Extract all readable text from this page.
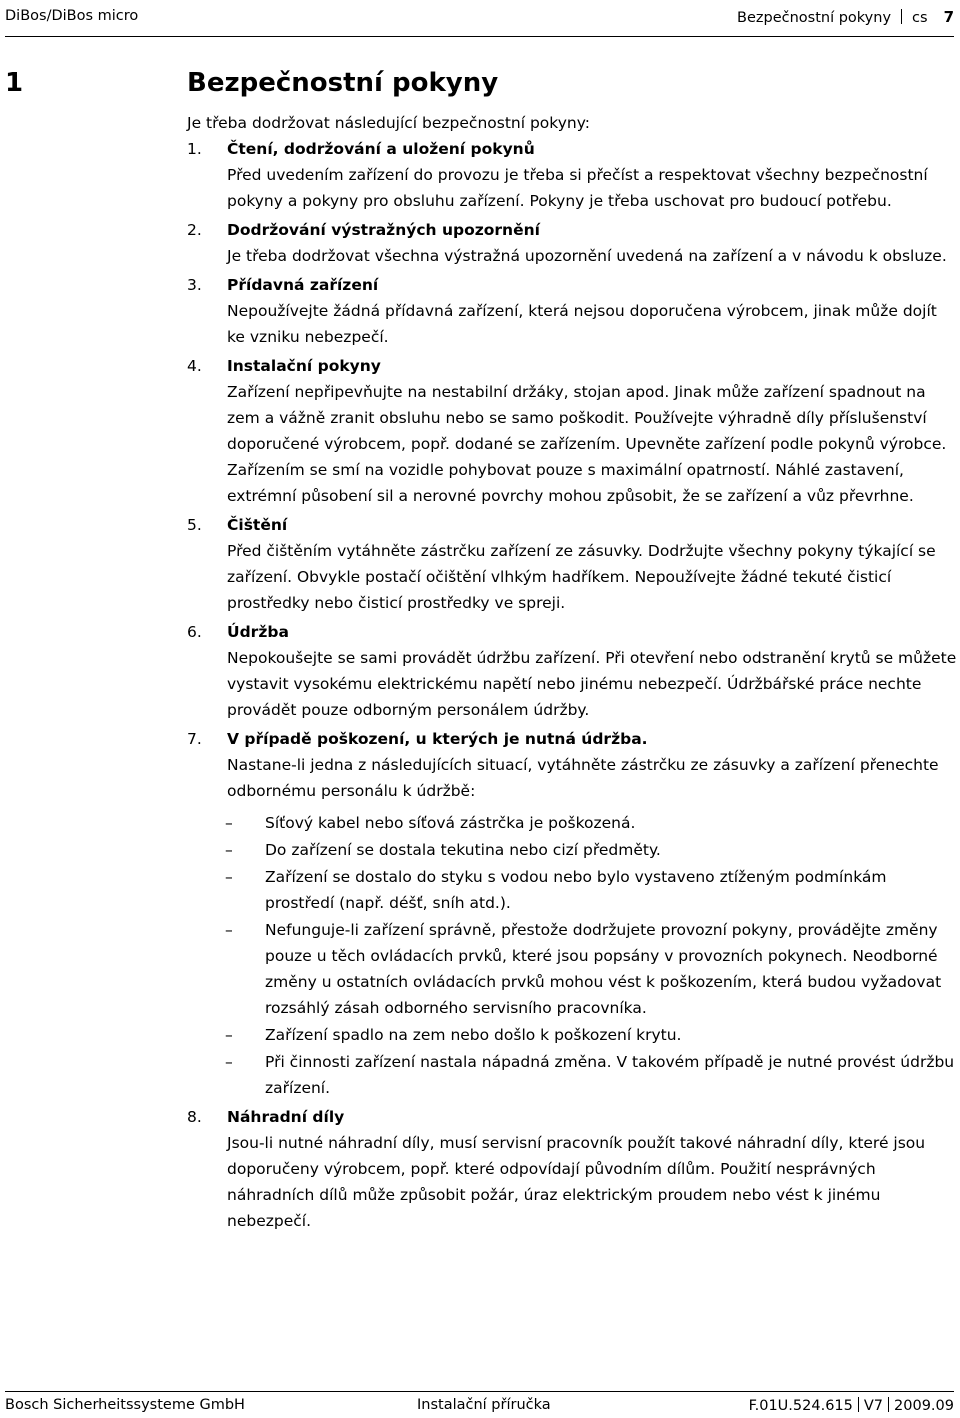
DiBos/DiBos micro	Bezpečnostní pokyny cs 7
1	Bezpečnostní pokyny
Je třeba dodržovat následující bezpečnostní pokyny:
1. Čtení, dodržování a uložení pokynů

Před uvedením zařízení do provozu je třeba si přečíst a respektovat všechny bezpečnostní pokyny a pokyny pro obsluhu zařízení. Pokyny je třeba uschovat pro budoucí potřebu.

2. Dodržování výstražných upozornění

Je třeba dodržovat všechna výstražná upozornění uvedená na zařízení a v návodu k obsluze.

3. Přídavná zařízení

Nepoužívejte žádná přídavná zařízení, která nejsou doporučena výrobcem, jinak může dojít ke vzniku nebezpečí.

4. Instalační pokyny

Zařízení nepřipevňujte na nestabilní držáky, stojan apod. Jinak může zařízení spadnout na zem a vážně zranit obsluhu nebo se samo poškodit. Používejte výhradně díly příslušenství doporučené výrobcem, popř. dodané se zařízením. Upevněte zařízení podle pokynů výrobce. Zařízením se smí na vozidle pohybovat pouze s maximální opatrností. Náhlé zastavení, extrémní působení sil a nerovné povrchy mohou způsobit, že se zařízení a vůz převrhne.

5. Čištění

Před čištěním vytáhněte zástrčku zařízení ze zásuvky. Dodržujte všechny pokyny týkající se zařízení. Obvykle postačí očištění vlhkým hadříkem. Nepoužívejte žádné tekuté čisticí prostředky nebo čisticí prostředky ve spreji.

6. Údržba

Nepokoušejte se sami provádět údržbu zařízení. Při otevření nebo odstranění krytů se můžete vystavit vysokému elektrickému napětí nebo jinému nebezpečí. Údržbářské práce nechte provádět pouze odborným personálem údržby.

7. V případě poškození, u kterých je nutná údržba.

Nastane-li jedna z následujících situací, vytáhněte zástrčku ze zásuvky a zařízení přenechte odbornému personálu k údržbě:

– Síťový kabel nebo síťová zástrčka je poškozená.
– Do zařízení se dostala tekutina nebo cizí předměty.
– Zařízení se dostalo do styku s vodou nebo bylo vystaveno ztíženým podmínkám prostředí (např. déšť, sníh atd.).
– Nefunguje-li zařízení správně, přestože dodržujete provozní pokyny, provádějte změny pouze u těch ovládacích prvků, které jsou popsány v provozních pokynech. Neodborné změny u ostatních ovládacích prvků mohou vést k poškozením, která budou vyžadovat rozsáhlý zásah odborného servisního pracovníka.
– Zařízení spadlo na zem nebo došlo k poškození krytu.
– Při činnosti zařízení nastala nápadná změna. V takovém případě je nutné provést údržbu zařízení.
8. Náhradní díly

Jsou-li nutné náhradní díly, musí servisní pracovník použít takové náhradní díly, které jsou doporučeny výrobcem, popř. které odpovídají původním dílům. Použití nesprávných náhradních dílů může způsobit požár, úraz elektrickým proudem nebo vést k jinému nebezpečí.

Bosch Sicherheitssysteme GmbH	Instalační příručka	F.01U.524.615 V7 2009.09
